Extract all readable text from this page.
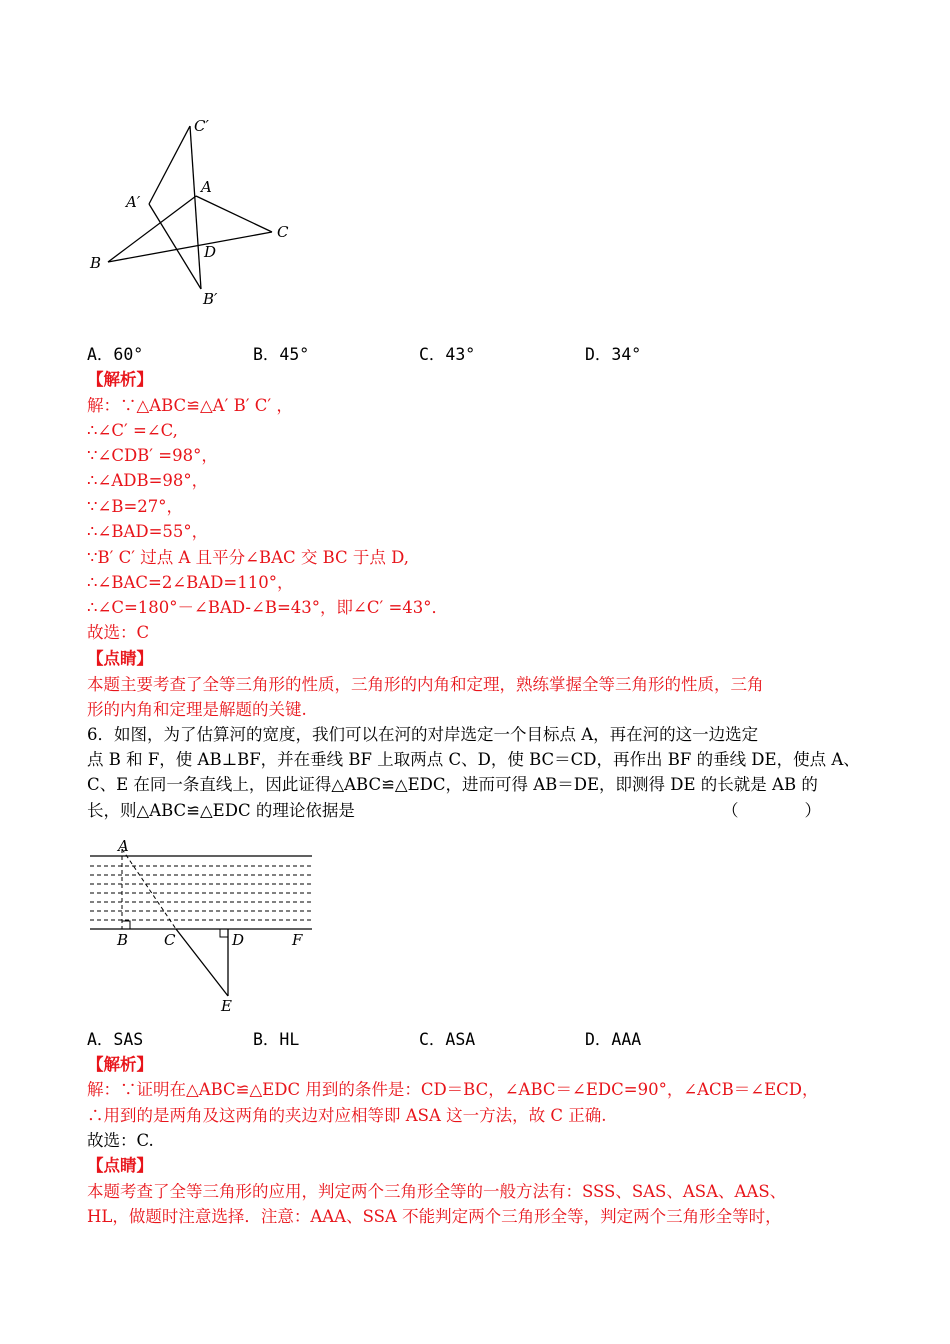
C′
A′
A
C
B
D
B′
A．60°	B．45°	C．43°	D．34°
【解析】
解：∵△ABC≌△A′ B′ C′ ，
∴∠C′ =∠C,
∵∠CDB′ =98°，
∴∠ADB=98°，
∵∠B=27°，
∴∠BAD=55°，
∵B′ C′ 过点 A 且平分∠BAC 交 BC 于点 D,
∴∠BAC=2∠BAD=110°，
∴∠C=180°－∠BAD-∠B=43°，即∠C′ =43°．
故选：C
【点睛】
本题主要考查了全等三角形的性质，三角形的内角和定理，熟练掌握全等三角形的性质，三角
形的内角和定理是解题的关键.
6．如图，为了估算河的宽度，我们可以在河的对岸选定一个目标点 A，再在河的这一边选定
点 B 和 F，使 AB⊥BF，并在垂线 BF 上取两点 C、D，使 BC＝CD，再作出 BF 的垂线 DE，使点 A、
C、E 在同一条直线上，因此证得△ABC≌△EDC，进而可得 AB＝DE，即测得 DE 的长就是 AB 的
长，则△ABC≌△EDC 的理论依据是	（　　　　）
A
B C	D	F
E
A．SAS	B．HL	C．ASA	D．AAA
【解析】
解：∵证明在△ABC≌△EDC 用到的条件是：CD＝BC，∠ABC＝∠EDC=90°，∠ACB＝∠ECD，
∴用到的是两角及这两角的夹边对应相等即 ASA 这一方法，故 C 正确.
故选：C.
【点睛】
本题考查了全等三角形的应用，判定两个三角形全等的一般方法有：SSS、SAS、ASA、AAS、
HL，做题时注意选择．注意：AAA、SSA 不能判定两个三角形全等，判定两个三角形全等时，
